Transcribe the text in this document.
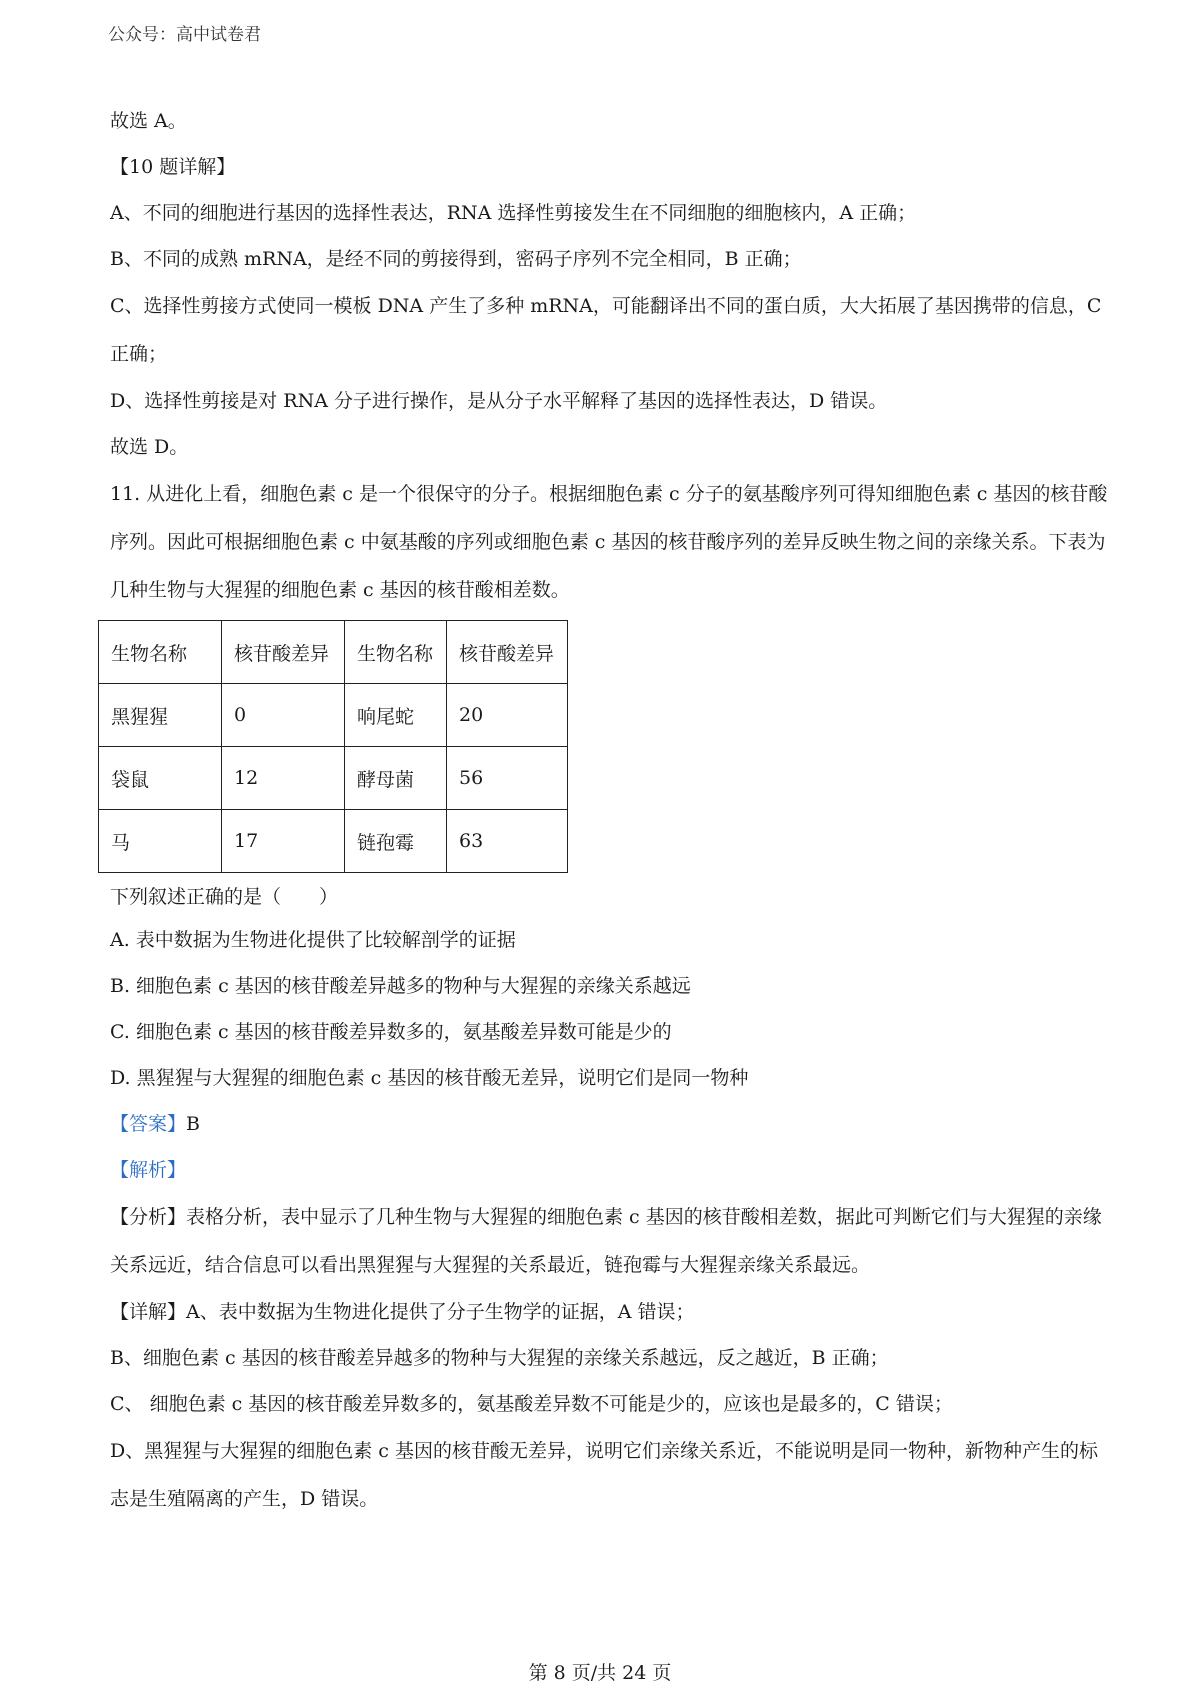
公众号：高中试卷君

故选 A。

【10 题详解】

A、不同的细胞进行基因的选择性表达，RNA 选择性剪接发生在不同细胞的细胞核内，A 正确；

B、不同的成熟 mRNA，是经不同的剪接得到，密码子序列不完全相同，B 正确；

C、选择性剪接方式使同一模板 DNA 产生了多种 mRNA，可能翻译出不同的蛋白质，大大拓展了基因携带的信息，C 正确；

D、选择性剪接是对 RNA 分子进行操作，是从分子水平解释了基因的选择性表达，D 错误。

故选 D。

11. 从进化上看，细胞色素 c 是一个很保守的分子。根据细胞色素 c 分子的氨基酸序列可得知细胞色素 c 基因的核苷酸序列。因此可根据细胞色素 c 中氨基酸的序列或细胞色素 c 基因的核苷酸序列的差异反映生物之间的亲缘关系。下表为几种生物与大猩猩的细胞色素 c 基因的核苷酸相差数。

生物名称	核苷酸差异	生物名称	核苷酸差异
黑猩猩	0	响尾蛇	20
袋鼠	12	酵母菌	56
马	17	链孢霉	63

下列叙述正确的是（　　）

A. 表中数据为生物进化提供了比较解剖学的证据

B. 细胞色素 c 基因的核苷酸差异越多的物种与大猩猩的亲缘关系越远

C. 细胞色素 c 基因的核苷酸差异数多的，氨基酸差异数可能是少的

D. 黑猩猩与大猩猩的细胞色素 c 基因的核苷酸无差异，说明它们是同一物种

【答案】B

【解析】

【分析】表格分析，表中显示了几种生物与大猩猩的细胞色素 c 基因的核苷酸相差数，据此可判断它们与大猩猩的亲缘关系远近，结合信息可以看出黑猩猩与大猩猩的关系最近，链孢霉与大猩猩亲缘关系最远。

【详解】A、表中数据为生物进化提供了分子生物学的证据，A 错误；

B、细胞色素 c 基因的核苷酸差异越多的物种与大猩猩的亲缘关系越远，反之越近，B 正确；

C、 细胞色素 c 基因的核苷酸差异数多的，氨基酸差异数不可能是少的，应该也是最多的，C 错误；

D、黑猩猩与大猩猩的细胞色素 c 基因的核苷酸无差异，说明它们亲缘关系近，不能说明是同一物种，新物种产生的标志是生殖隔离的产生，D 错误。

第 8 页/共 24 页
